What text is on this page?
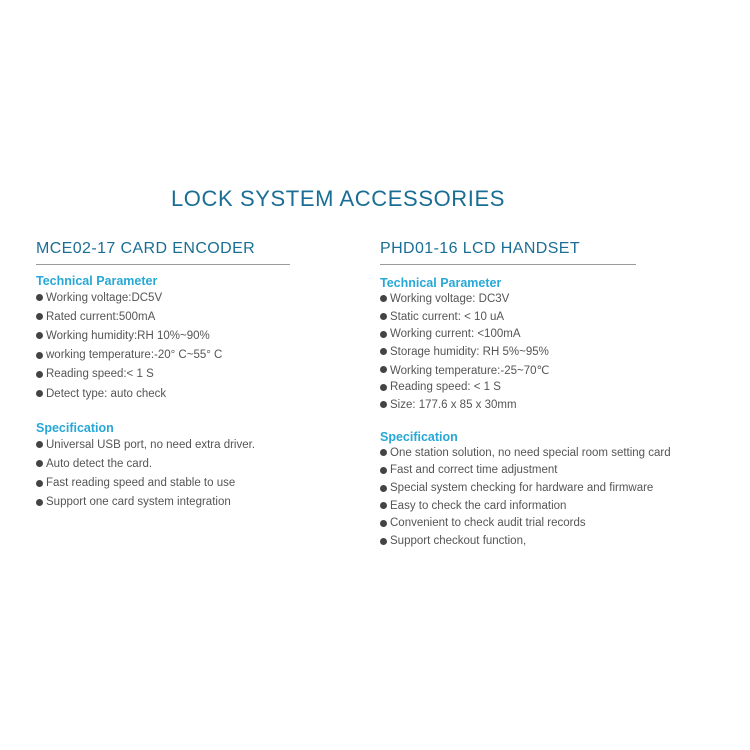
LOCK SYSTEM ACCESSORIES
MCE02-17 CARD ENCODER
Technical Parameter
Working voltage:DC5V
Rated current:500mA
Working humidity:RH 10%~90%
working temperature:-20° C~55° C
Reading speed:< 1 S
Detect type: auto check
Specification
Universal USB port, no need extra driver.
Auto detect the card.
Fast reading speed and stable to use
Support one card system integration
PHD01-16 LCD HANDSET
Technical Parameter
Working voltage: DC3V
Static current: < 10 uA
Working current: <100mA
Storage humidity: RH 5%~95%
Working temperature:-25~70℃
Reading speed: < 1 S
Size: 177.6 x 85 x 30mm
Specification
One station solution, no need special room setting card
Fast and correct time adjustment
Special system checking for hardware and firmware
Easy to check the card information
Convenient to check audit trial records
Support checkout function,
